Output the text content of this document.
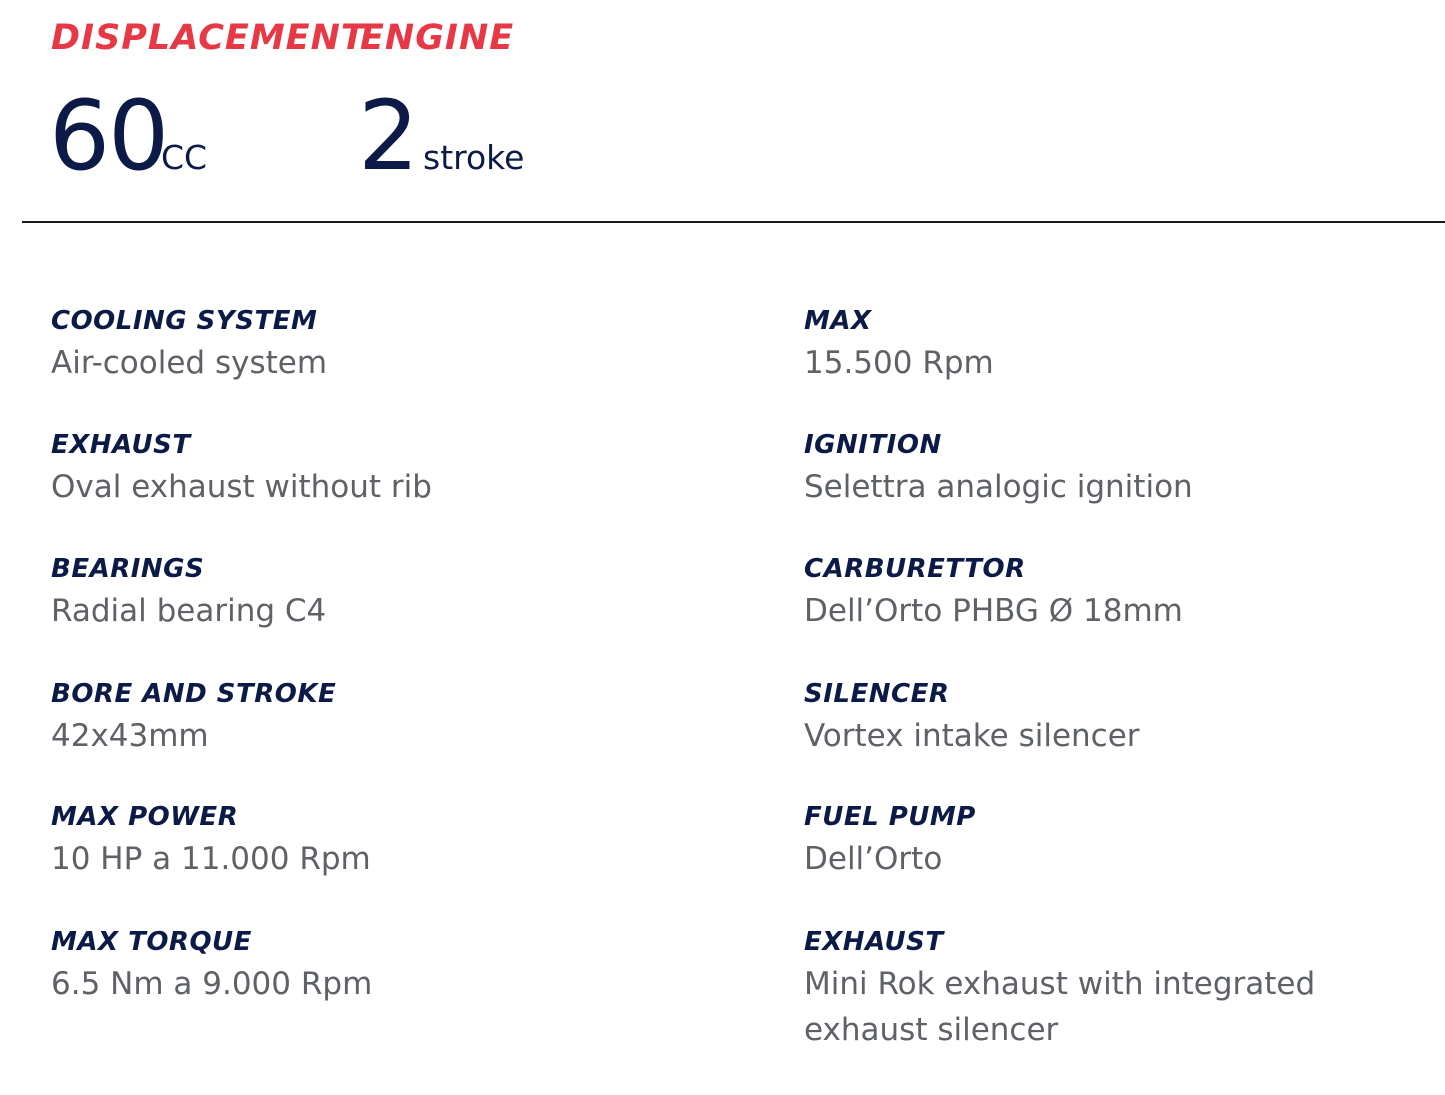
DISPLACEMENT
ENGINE
60
CC 2 stroke
COOLING SYSTEM
Air-cooled system
EXHAUST
Oval exhaust without rib
BEARINGS
Radial bearing C4
BORE AND STROKE
42x43mm
MAX POWER
10 HP a 11.000 Rpm
MAX TORQUE
6.5 Nm a 9.000 Rpm
MAX
15.500 Rpm
IGNITION
Selettra analogic ignition
CARBURETTOR
Dell’Orto PHBG Ø 18mm
SILENCER
Vortex intake silencer
FUEL PUMP
Dell’Orto
EXHAUST
Mini Rok exhaust with integrated exhaust silencer
